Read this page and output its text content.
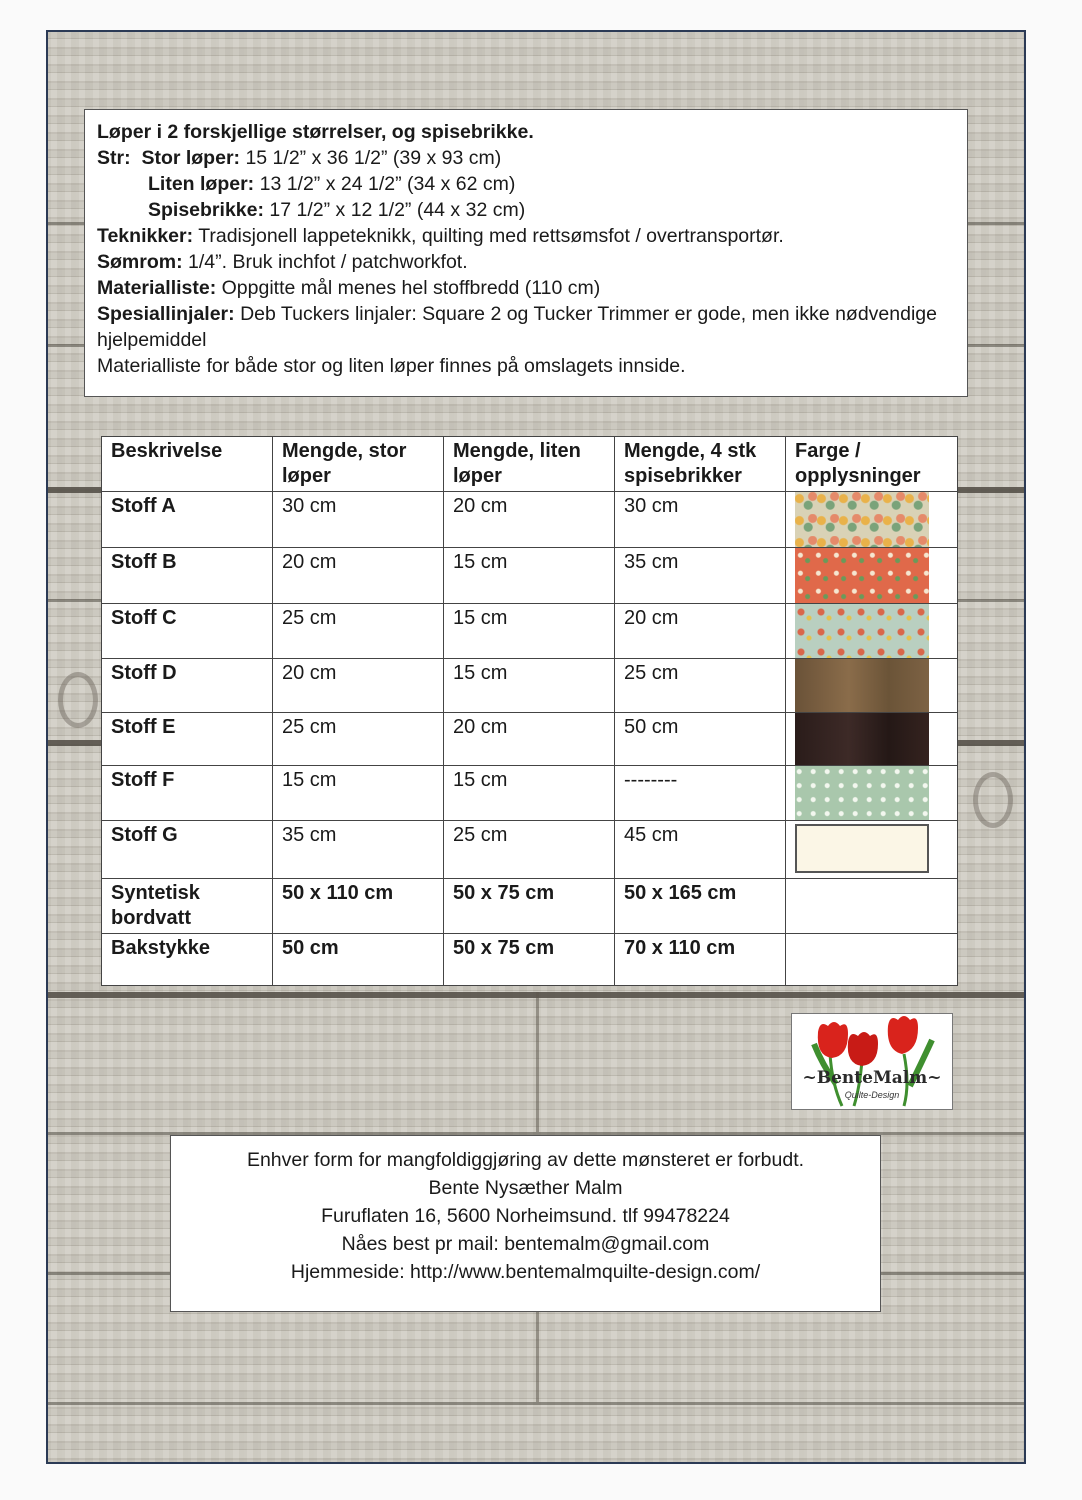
Løper i 2 forskjellige størrelser, og spisebrikke.
Str: Stor løper: 15 1/2” x 36 1/2” (39 x 93 cm)
Liten løper: 13 1/2” x 24 1/2” (34 x 62 cm)
Spisebrikke: 17 1/2” x 12 1/2” (44 x 32 cm)
Teknikker: Tradisjonell lappeteknikk, quilting med rettsømsfot / overtransportør.
Sømrom: 1/4”. Bruk inchfot / patchworkfot.
Materialliste: Oppgitte mål menes hel stoffbredd (110 cm)
Spesiallinjaler: Deb Tuckers linjaler: Square 2 og Tucker Trimmer er gode, men ikke nødvendige hjelpemiddel
Materialliste for både stor og liten løper finnes på omslagets innside.
Beskrivelse	Mengde, stor løper	Mengde, liten løper	Mengde, 4 stk spisebrikker	Farge / opplysninger
Stoff A	30 cm	20 cm	30 cm	

Stoff B	20 cm	15 cm	35 cm	

Stoff C	25 cm	15 cm	20 cm	

Stoff D	20 cm	15 cm	25 cm	

Stoff E	25 cm	20 cm	50 cm	

Stoff F	15 cm	15 cm	--------	

Stoff G	35 cm	25 cm	45 cm	

Syntetisk bordvatt	50 x 110 cm	50 x 75 cm	50 x 165 cm	
Bakstykke	50 cm	50 x 75 cm	70 x 110 cm	
~BenteMalm~
Quilte-Design
Enhver form for mangfoldiggjøring av dette mønsteret er forbudt.
Bente Nysæther Malm
Furuflaten 16, 5600 Norheimsund. tlf 99478224
Nåes best pr mail: bentemalm@gmail.com
Hjemmeside: http://www.bentemalmquilte-design.com/
